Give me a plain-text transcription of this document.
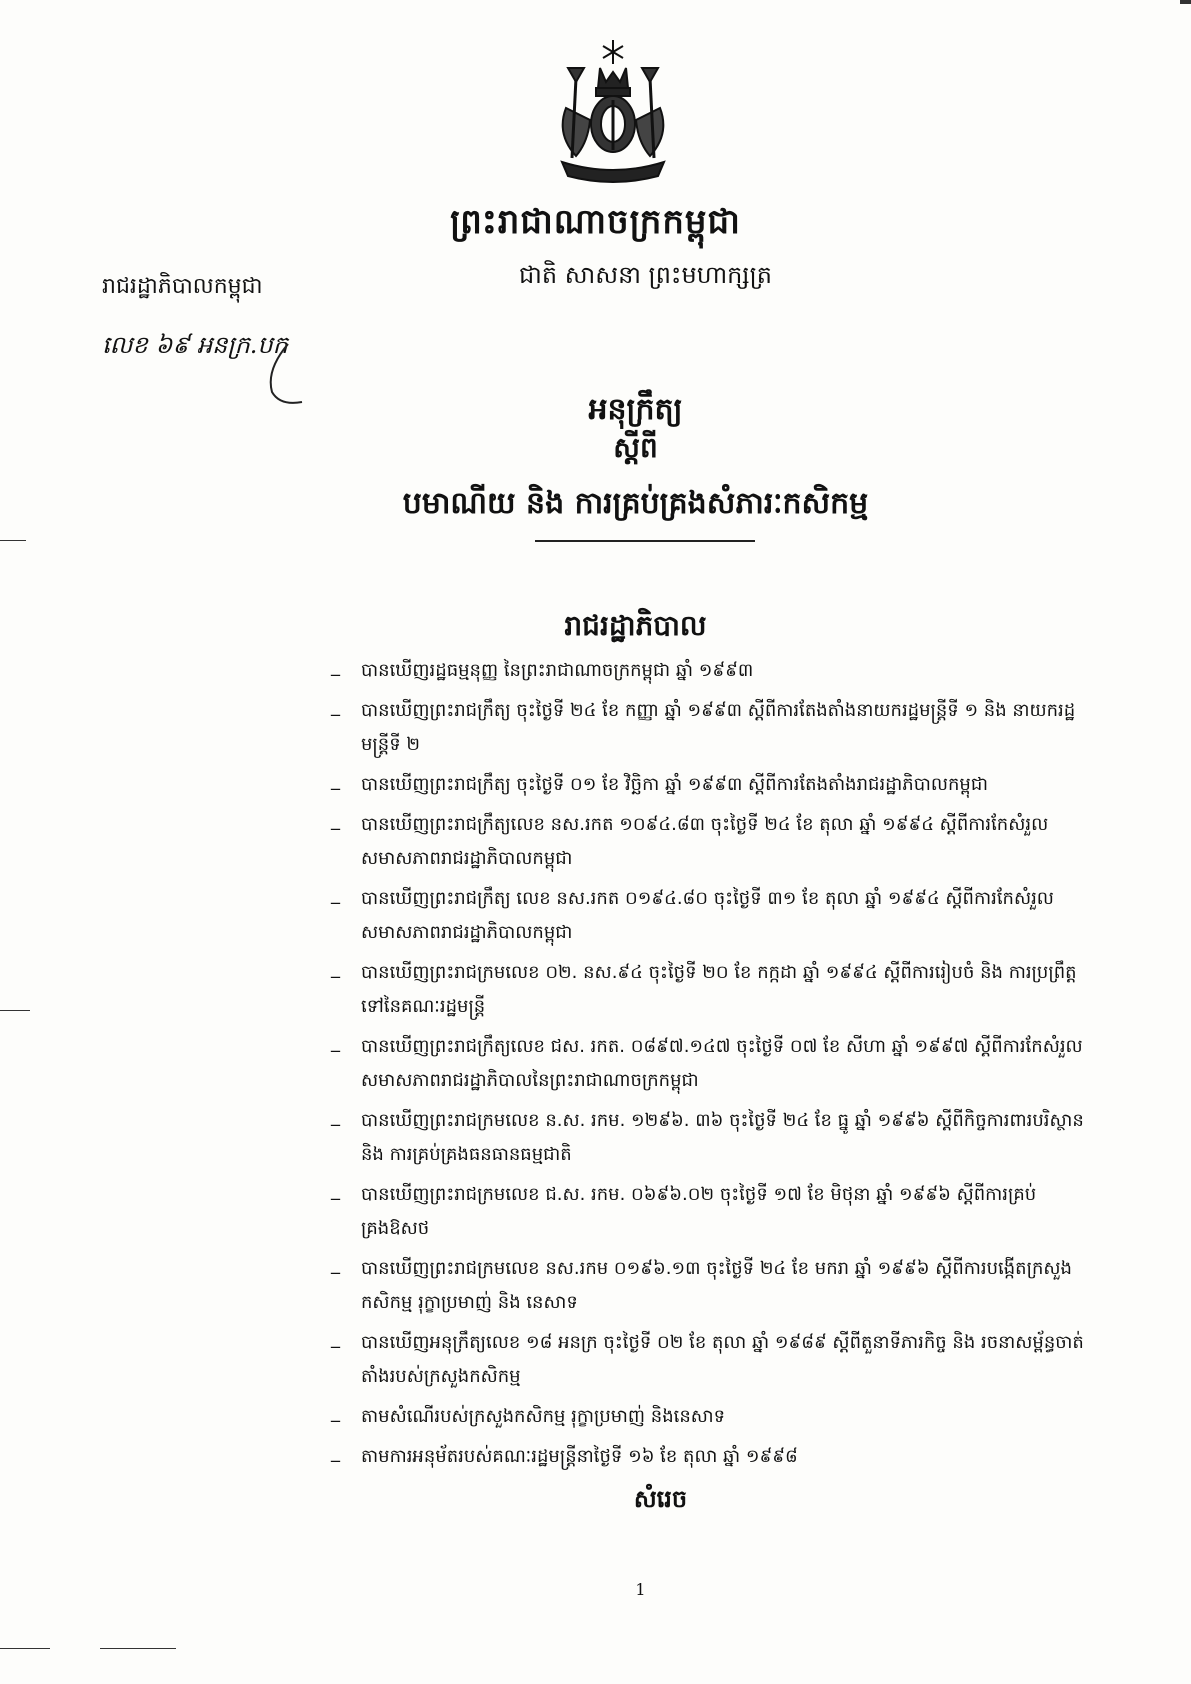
ព្រះរាជាណាចក្រកម្ពុជា
ជាតិ សាសនា ព្រះមហាក្សត្រ
រាជរដ្ឋាភិបាលកម្ពុជា
លេខ ៦៩ អនក្រ.បក
អនុក្រឹត្យ
ស្តីពី
បមាណីយ និង ការគ្រប់គ្រងសំភារៈកសិកម្ម
រាជរដ្ឋាភិបាល
_ បានឃើញរដ្ឋធម្មនុញ្ញ នៃព្រះរាជាណាចក្រកម្ពុជា ឆ្នាំ ១៩៩៣
_ បានឃើញព្រះរាជក្រឹត្យ ចុះថ្ងៃទី ២៤ ខែ កញ្ញា ឆ្នាំ ១៩៩៣ ស្តីពីការតែងតាំងនាយករដ្ឋមន្ត្រីទី ១ និង នាយករដ្ឋមន្ត្រីទី ២
_ បានឃើញព្រះរាជក្រឹត្យ ចុះថ្ងៃទី ០១ ខែ វិច្ឆិកា ឆ្នាំ ១៩៩៣ ស្តីពីការតែងតាំងរាជរដ្ឋាភិបាលកម្ពុជា
_ បានឃើញព្រះរាជក្រឹត្យលេខ នស.រកត ១០៩៤.៨៣ ចុះថ្ងៃទី ២៤ ខែ តុលា ឆ្នាំ ១៩៩៤ ស្តីពីការកែសំរួលសមាសភាពរាជរដ្ឋាភិបាលកម្ពុជា
_ បានឃើញព្រះរាជក្រឹត្យ លេខ នស.រកត ០១៩៤.៨០ ចុះថ្ងៃទី ៣១ ខែ តុលា ឆ្នាំ ១៩៩៤ ស្តីពីការកែសំរួលសមាសភាពរាជរដ្ឋាភិបាលកម្ពុជា
_ បានឃើញព្រះរាជក្រមលេខ ០២. នស.៩៤ ចុះថ្ងៃទី ២០ ខែ កក្កដា ឆ្នាំ ១៩៩៤ ស្តីពីការរៀបចំ និង ការប្រព្រឹត្តទៅនៃគណៈរដ្ឋមន្ត្រី
_ បានឃើញព្រះរាជក្រឹត្យលេខ ជស. រកត. ០៨៩៧.១៤៧ ចុះថ្ងៃទី ០៧ ខែ សីហា ឆ្នាំ ១៩៩៧ ស្តីពីការកែសំរួលសមាសភាពរាជរដ្ឋាភិបាលនៃព្រះរាជាណាចក្រកម្ពុជា
_ បានឃើញព្រះរាជក្រមលេខ ន.ស. រកម. ១២៩៦. ៣៦ ចុះថ្ងៃទី ២៤ ខែ ធ្នូ ឆ្នាំ ១៩៩៦ ស្តីពីកិច្ចការពារបរិស្ថាន និង ការគ្រប់គ្រងធនធានធម្មជាតិ
_ បានឃើញព្រះរាជក្រមលេខ ជ.ស. រកម. ០៦៩៦.០២ ចុះថ្ងៃទី ១៧ ខែ មិថុនា ឆ្នាំ ១៩៩៦ ស្តីពីការគ្រប់គ្រងឱសថ
_ បានឃើញព្រះរាជក្រមលេខ នស.រកម ០១៩៦.១៣ ចុះថ្ងៃទី ២៤ ខែ មករា ឆ្នាំ ១៩៩៦ ស្តីពីការបង្កើតក្រសួងកសិកម្ម រុក្ខាប្រមាញ់ និង នេសាទ
_ បានឃើញអនុក្រឹត្យលេខ ១៨ អនក្រ ចុះថ្ងៃទី ០២ ខែ តុលា ឆ្នាំ ១៩៨៩ ស្តីពីតួនាទីភារកិច្ច និង រចនាសម្ព័ន្ធចាត់តាំងរបស់ក្រសួងកសិកម្ម
_ តាមសំណើរបស់ក្រសួងកសិកម្ម រុក្ខាប្រមាញ់ និងនេសាទ
_ តាមការអនុម័តរបស់គណៈរដ្ឋមន្ត្រីនាថ្ងៃទី ១៦ ខែ តុលា ឆ្នាំ ១៩៩៨
សំរេច
1
